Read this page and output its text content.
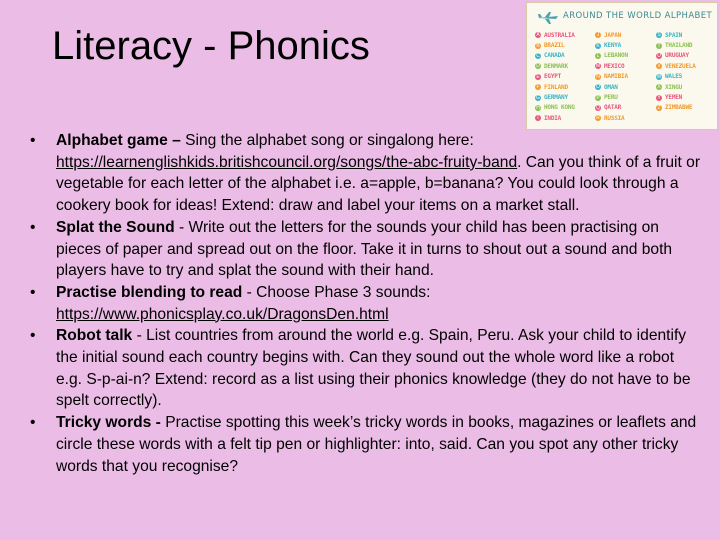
Literacy - Phonics
AROUND THE WORLD ALPHABET
A AUSTRALIA
B BRAZIL
C CANADA
D DENMARK
E EGYPT
F FINLAND
G GERMANY
H HONG KONG
I INDIA
J JAPAN
K KENYA
L LEBANON
M MEXICO
N NAMIBIA
O OMAN
P PERU
Q QATAR
R RUSSIA
S SPAIN
T THAILAND
U URUGUAY
V VENEZUELA
W WALES
X XINGU
Y YEMEN
Z ZIMBABWE
• Alphabet game – Sing the alphabet song or singalong here: https://learnenglishkids.britishcouncil.org/songs/the-abc-fruity-band. Can you think of a fruit or vegetable for each letter of the alphabet i.e. a=apple, b=banana? You could look through a cookery book for ideas! Extend: draw and label your items on a market stall.
• Splat the Sound - Write out the letters for the sounds your child has been practising on pieces of paper and spread out on the floor. Take it in turns to shout out a sound and both players have to try and splat the sound with their hand.
• Practise blending to read - Choose Phase 3 sounds: https://www.phonicsplay.co.uk/DragonsDen.html
• Robot talk - List countries from around the world e.g. Spain, Peru. Ask your child to identify the initial sound each country begins with. Can they sound out the whole word like a robot e.g. S-p-ai-n? Extend: record as a list using their phonics knowledge (they do not have to be spelt correctly).
• Tricky words - Practise spotting this week’s tricky words in books, magazines or leaflets and circle these words with a felt tip pen or highlighter: into, said. Can you spot any other tricky words that you recognise?
